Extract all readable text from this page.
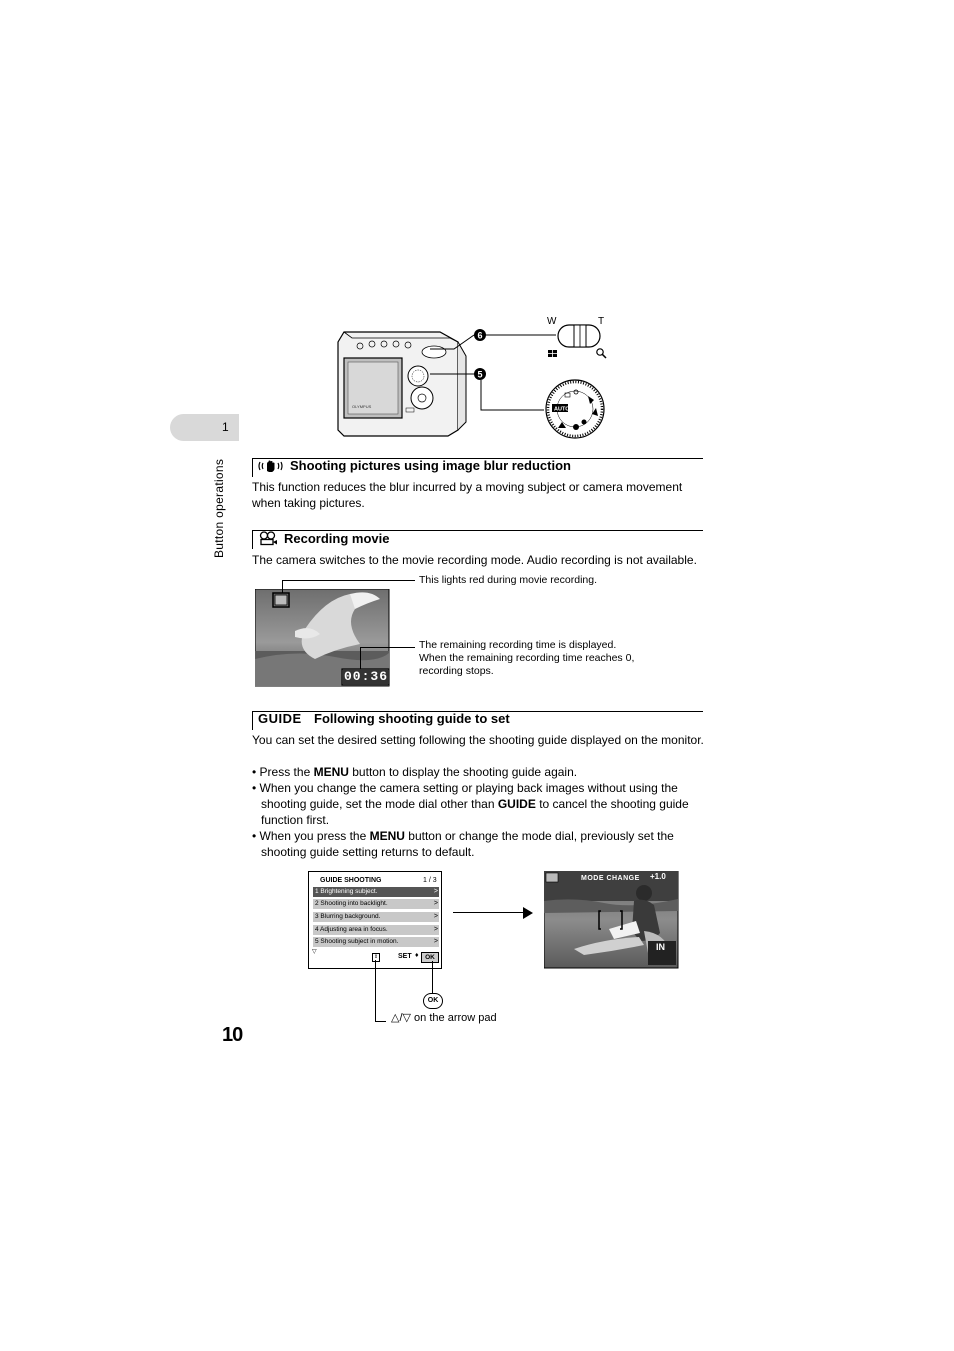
1
Button operations
OLYMPUS
6
W	T
5
AUTO
Shooting pictures using image blur reduction
This function reduces the blur incurred by a moving subject or camera movement when taking pictures.
Recording movie
The camera switches to the movie recording mode. Audio recording is not available.
00:36
This lights red during movie recording.
The remaining recording time is displayed.
When the remaining recording time reaches 0,
recording stops.
GUIDE Following shooting guide to set
You can set the desired setting following the shooting guide displayed on the monitor.
• Press the MENU button to display the shooting guide again.
• When you change the camera setting or playing back images without using the shooting guide, set the mode dial other than GUIDE to cancel the shooting guide function first.
• When you press the MENU button or change the mode dial, previously set the shooting guide setting returns to default.
GUIDE SHOOTING	1 / 3
1 Brightening subject.	>
2 Shooting into backlight.	>
3 Blurring background.	>
4 Adjusting area in focus.	>
5 Shooting subject in motion.	>
▽
⇕	SET ♦	OK
MODE CHANGE +1.0
IN
OK
△/▽ on the arrow pad
10
